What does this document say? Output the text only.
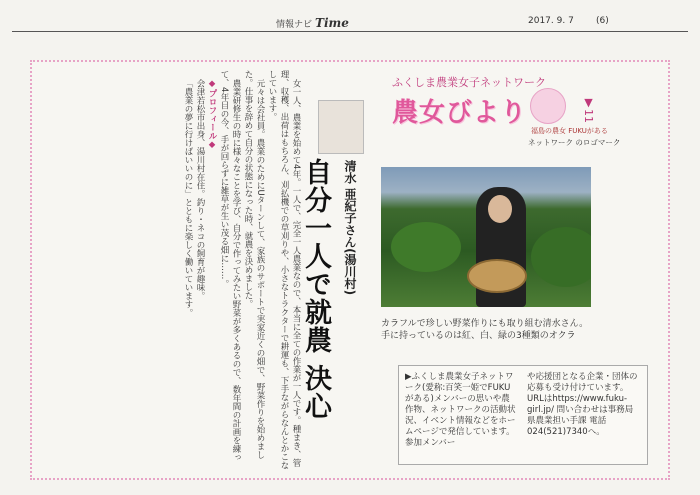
情報ナビ Time	2017. 9. 7 (6)

女一人、農業を始めて4年。一人で、完全一人農業なので、本当に全ての作業が一人です。種まき、管理、収穫、出荷はもちろん、刈払機での草刈りや、小さなトラクターで耕運も、下手ながらなんとかこなしています。

元々は会社員。農業のためにUターンして、家族のサポートで実家近くの畑で、野菜作りを始めました。仕事を辞めて自分の状態になった時、就農を決めました。

農業研修生の時に様々なことを学び、自分で作ってみたい野菜が多くあるので、数年間の計画を練って、4年目の今、手が回らずに雑草が生い茂る畑に……。

◆プロフィール◆

会津若松市出身、湯川村在住。釣り・ネコの飼育が趣味。

「農業の夢に行けばいいのに」とともに楽しく働いています。	清水 亜紀子さん(湯川村)
自分一人で就農 決心
ふくしま農業女子ネットワーク
農女びより
福島の農女 FUKUがある
ネットワーク のロゴマーク
▼11
カラフルで珍しい野菜作りにも取り組む清水さん。手に持っているのは紅、白、緑の3種類のオクラ
▶ふくしま農業女子ネットワーク(愛称:百笑一姫でFUKUがある)メンバーの思いや農作物、ネットワークの活動状況、イベント情報などをホームページで発信しています。参加メンバー
や応援団となる企業・団体の応募も受け付けています。URLはhttps://www.fuku-girl.jp/ 問い合わせは事務局 県農業担い手課 電話024(521)7340へ。
